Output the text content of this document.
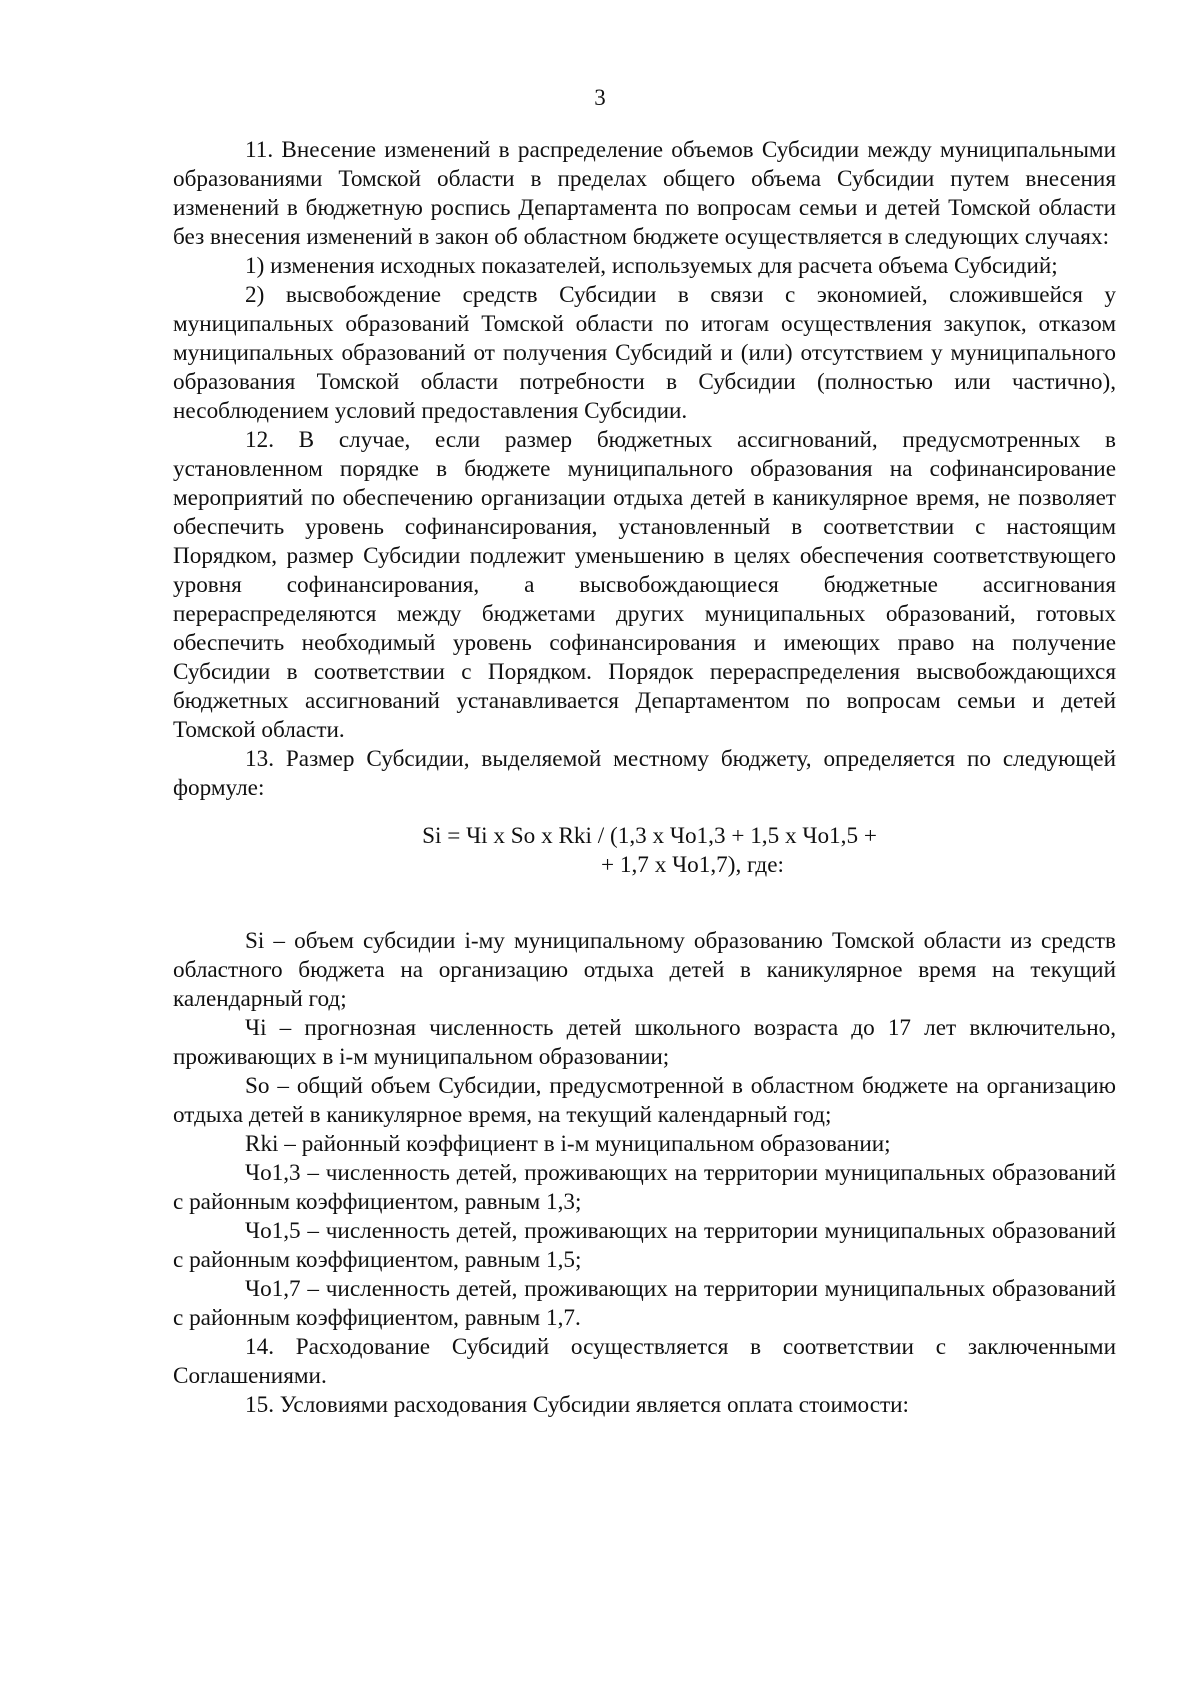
3

11. Внесение изменений в распределение объемов Субсидии между муниципальными образованиями Томской области в пределах общего объема Субсидии путем внесения изменений в бюджетную роспись Департамента по вопросам семьи и детей Томской области без внесения изменений в закон об областном бюджете осуществляется в следующих случаях:

1) изменения исходных показателей, используемых для расчета объема Субсидий;

2) высвобождение средств Субсидии в связи с экономией, сложившейся у муниципальных образований Томской области по итогам осуществления закупок, отказом муниципальных образований от получения Субсидий и (или) отсутствием у муниципального образования Томской области потребности в Субсидии (полностью или частично), несоблюдением условий предоставления Субсидии.

12. В случае, если размер бюджетных ассигнований, предусмотренных в установленном порядке в бюджете муниципального образования на софинансирование мероприятий по обеспечению организации отдыха детей в каникулярное время, не позволяет обеспечить уровень софинансирования, установленный в соответствии с настоящим Порядком, размер Субсидии подлежит уменьшению в целях обеспечения соответствующего уровня софинансирования, а высвобождающиеся бюджетные ассигнования перераспределяются между бюджетами других муниципальных образований, готовых обеспечить необходимый уровень софинансирования и имеющих право на получение Субсидии в соответствии с Порядком. Порядок перераспределения высвобождающихся бюджетных ассигнований устанавливается Департаментом по вопросам семьи и детей Томской области.

13. Размер Субсидии, выделяемой местному бюджету, определяется по следующей формуле:

Si = Чi x So x Rki / (1,3 x Чо1,3 + 1,5 x Чо1,5 +
+ 1,7 x Чо1,7), где:

Si – объем субсидии i-му муниципальному образованию Томской области из средств областного бюджета на организацию отдыха детей в каникулярное время на текущий календарный год;

Чi – прогнозная численность детей школьного возраста до 17 лет включительно, проживающих в i-м муниципальном образовании;

So – общий объем Субсидии, предусмотренной в областном бюджете на организацию отдыха детей в каникулярное время, на текущий календарный год;

Rki – районный коэффициент в i-м муниципальном образовании;

Чо1,3 – численность детей, проживающих на территории муниципальных образований с районным коэффициентом, равным 1,3;

Чо1,5 – численность детей, проживающих на территории муниципальных образований с районным коэффициентом, равным 1,5;

Чо1,7 – численность детей, проживающих на территории муниципальных образований с районным коэффициентом, равным 1,7.

14. Расходование Субсидий осуществляется в соответствии с заключенными Соглашениями.

15. Условиями расходования Субсидии является оплата стоимости:
